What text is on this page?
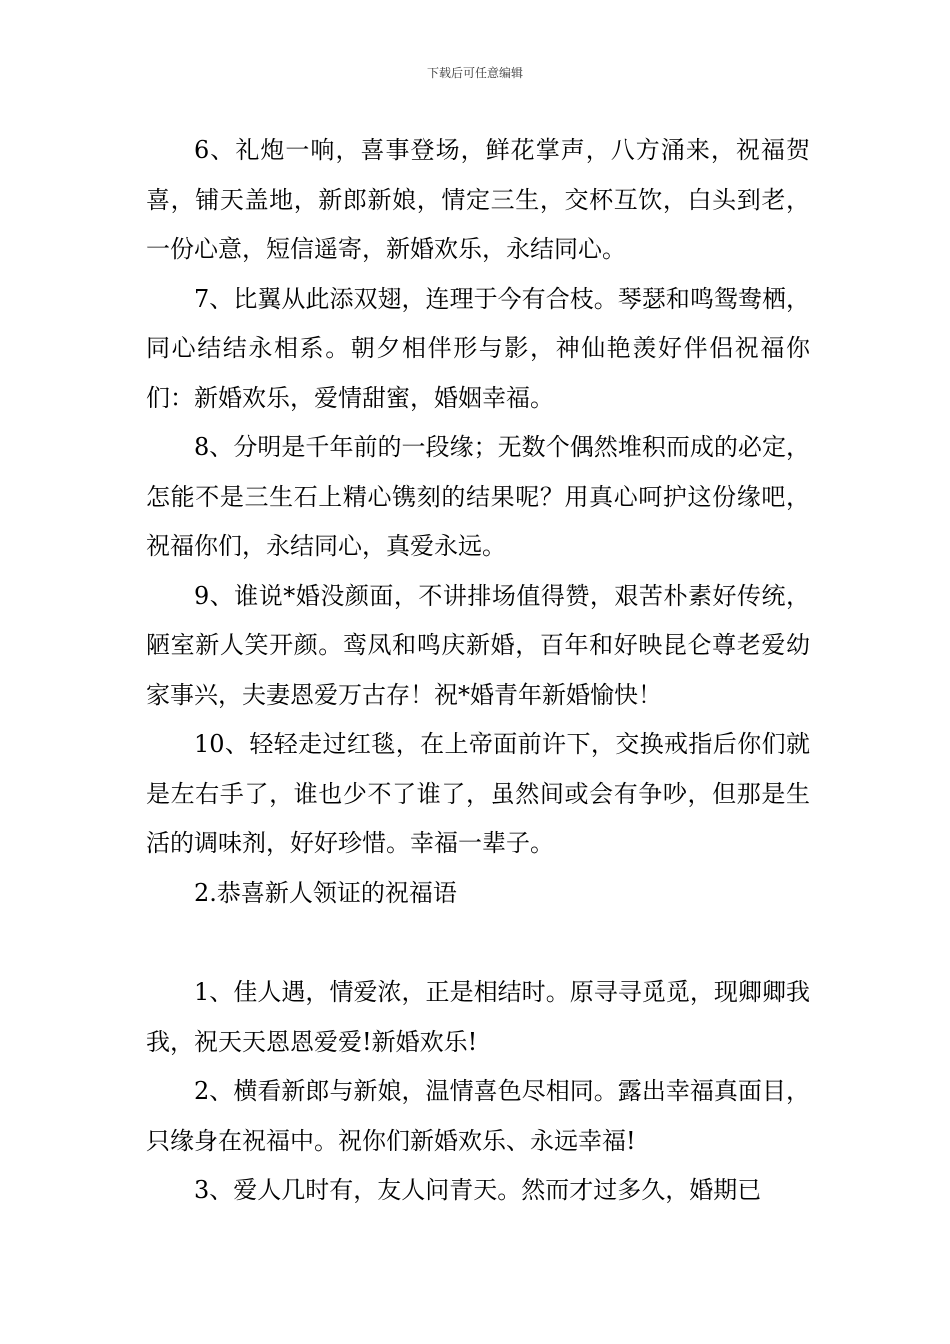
下载后可任意编辑

6、礼炮一响，喜事登场，鲜花掌声，八方涌来，祝福贺喜，铺天盖地，新郎新娘，情定三生，交杯互饮，白头到老，一份心意，短信遥寄，新婚欢乐，永结同心。

7、比翼从此添双翅，连理于今有合枝。琴瑟和鸣鸳鸯栖，同心结结永相系。朝夕相伴形与影，神仙艳羡好伴侣祝福你们：新婚欢乐，爱情甜蜜，婚姻幸福。

8、分明是千年前的一段缘；无数个偶然堆积而成的必定，怎能不是三生石上精心镌刻的结果呢？用真心呵护这份缘吧，祝福你们，永结同心，真爱永远。

9、谁说*婚没颜面，不讲排场值得赞，艰苦朴素好传统，陋室新人笑开颜。鸾凤和鸣庆新婚，百年和好映昆仑尊老爱幼家事兴，夫妻恩爱万古存！祝*婚青年新婚愉快！

10、轻轻走过红毯，在上帝面前许下，交换戒指后你们就是左右手了，谁也少不了谁了，虽然间或会有争吵，但那是生活的调味剂，好好珍惜。幸福一辈子。

2.恭喜新人领证的祝福语

1、佳人遇，情爱浓，正是相结时。原寻寻觅觅，现卿卿我我，祝天天恩恩爱爱!新婚欢乐!

2、横看新郎与新娘，温情喜色尽相同。露出幸福真面目，只缘身在祝福中。祝你们新婚欢乐、永远幸福!

3、爱人几时有，友人问青天。然而才过多久，婚期已
